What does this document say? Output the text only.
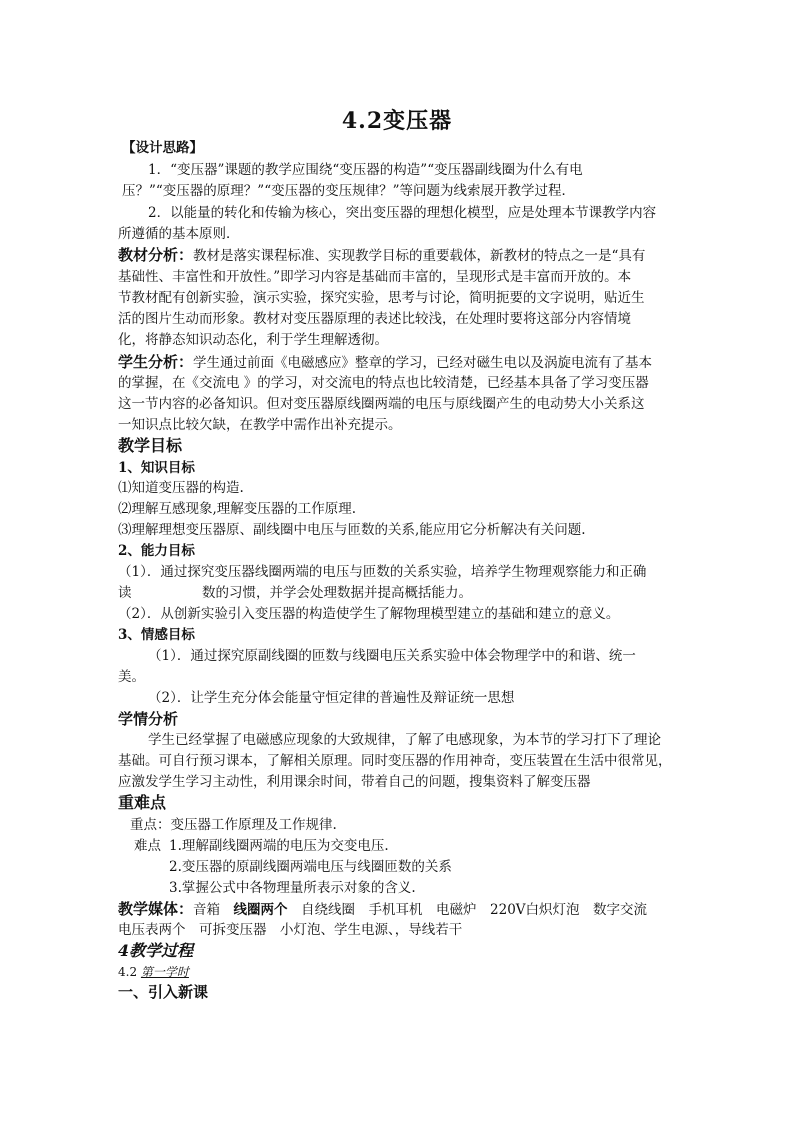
4.2变压器
【设计思路】
1．“变压器”课题的教学应围绕“变压器的构造”“变压器副线圈为什么有电
压？”“变压器的原理？”“变压器的变压规律？”等问题为线索展开教学过程．
2．以能量的转化和传输为核心，突出变压器的理想化模型，应是处理本节课教学内容
所遵循的基本原则．
教材分析：教材是落实课程标准、实现教学目标的重要载体，新教材的特点之一是“具有
基础性、丰富性和开放性。”即学习内容是基础而丰富的，呈现形式是丰富而开放的。本
节教材配有创新实验，演示实验，探究实验，思考与讨论，简明扼要的文字说明，贴近生
活的图片生动而形象。教材对变压器原理的表述比较浅，在处理时要将这部分内容情境
化，将静态知识动态化，利于学生理解透彻。
学生分析：学生通过前面《电磁感应》整章的学习，已经对磁生电以及涡旋电流有了基本
的掌握，在《交流电 》的学习，对交流电的特点也比较清楚，已经基本具备了学习变压器
这一节内容的必备知识。但对变压器原线圈两端的电压与原线圈产生的电动势大小关系这
一知识点比较欠缺，在教学中需作出补充提示。
教学目标
1、知识目标
⑴知道变压器的构造.
⑵理解互感现象,理解变压器的工作原理.
⑶理解理想变压器原、副线圈中电压与匝数的关系,能应用它分析解决有关问题.
2、能力目标
（1）．通过探究变压器线圈两端的电压与匝数的关系实验，培养学生物理观察能力和正确
读	数的习惯，并学会处理数据并提高概括能力。
（2）．从创新实验引入变压器的构造使学生了解物理模型建立的基础和建立的意义。
3、情感目标
（1）．通过探究原副线圈的匝数与线圈电压关系实验中体会物理学中的和谐、统一
美。
（2）．让学生充分体会能量守恒定律的普遍性及辩证统一思想
学情分析
学生已经掌握了电磁感应现象的大致规律，了解了电感现象，为本节的学习打下了理论
基础。可自行预习课本，了解相关原理。同时变压器的作用神奇，变压装置在生活中很常见，
应激发学生学习主动性，利用课余时间，带着自己的问题，搜集资料了解变压器
重难点
重点：变压器工作原理及工作规律.
难点 1.理解副线圈两端的电压为交变电压.
2.变压器的原副线圈两端电压与线圈匝数的关系
3.掌握公式中各物理量所表示对象的含义.
教学媒体：音箱　线圈两个　自绕线圈　手机耳机　电磁炉　220V白炽灯泡　数字交流
电压表两个　可拆变压器　小灯泡、学生电源、，导线若干
4教学过程
4.2 第一学时
一、引入新课
